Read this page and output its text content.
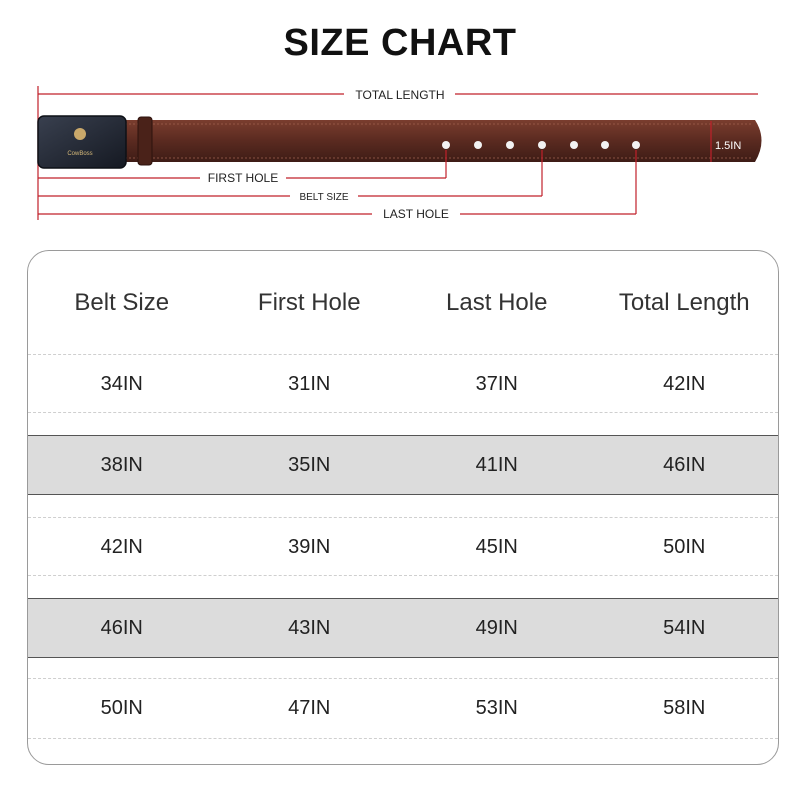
SIZE CHART
TOTAL LENGTH
CowBoss
1.5IN
FIRST HOLE
BELT SIZE
LAST HOLE
Belt Size	First Hole	Last Hole	Total Length
34IN	31IN	37IN	42IN
38IN	35IN	41IN	46IN
42IN	39IN	45IN	50IN
46IN	43IN	49IN	54IN
50IN	47IN	53IN	58IN
